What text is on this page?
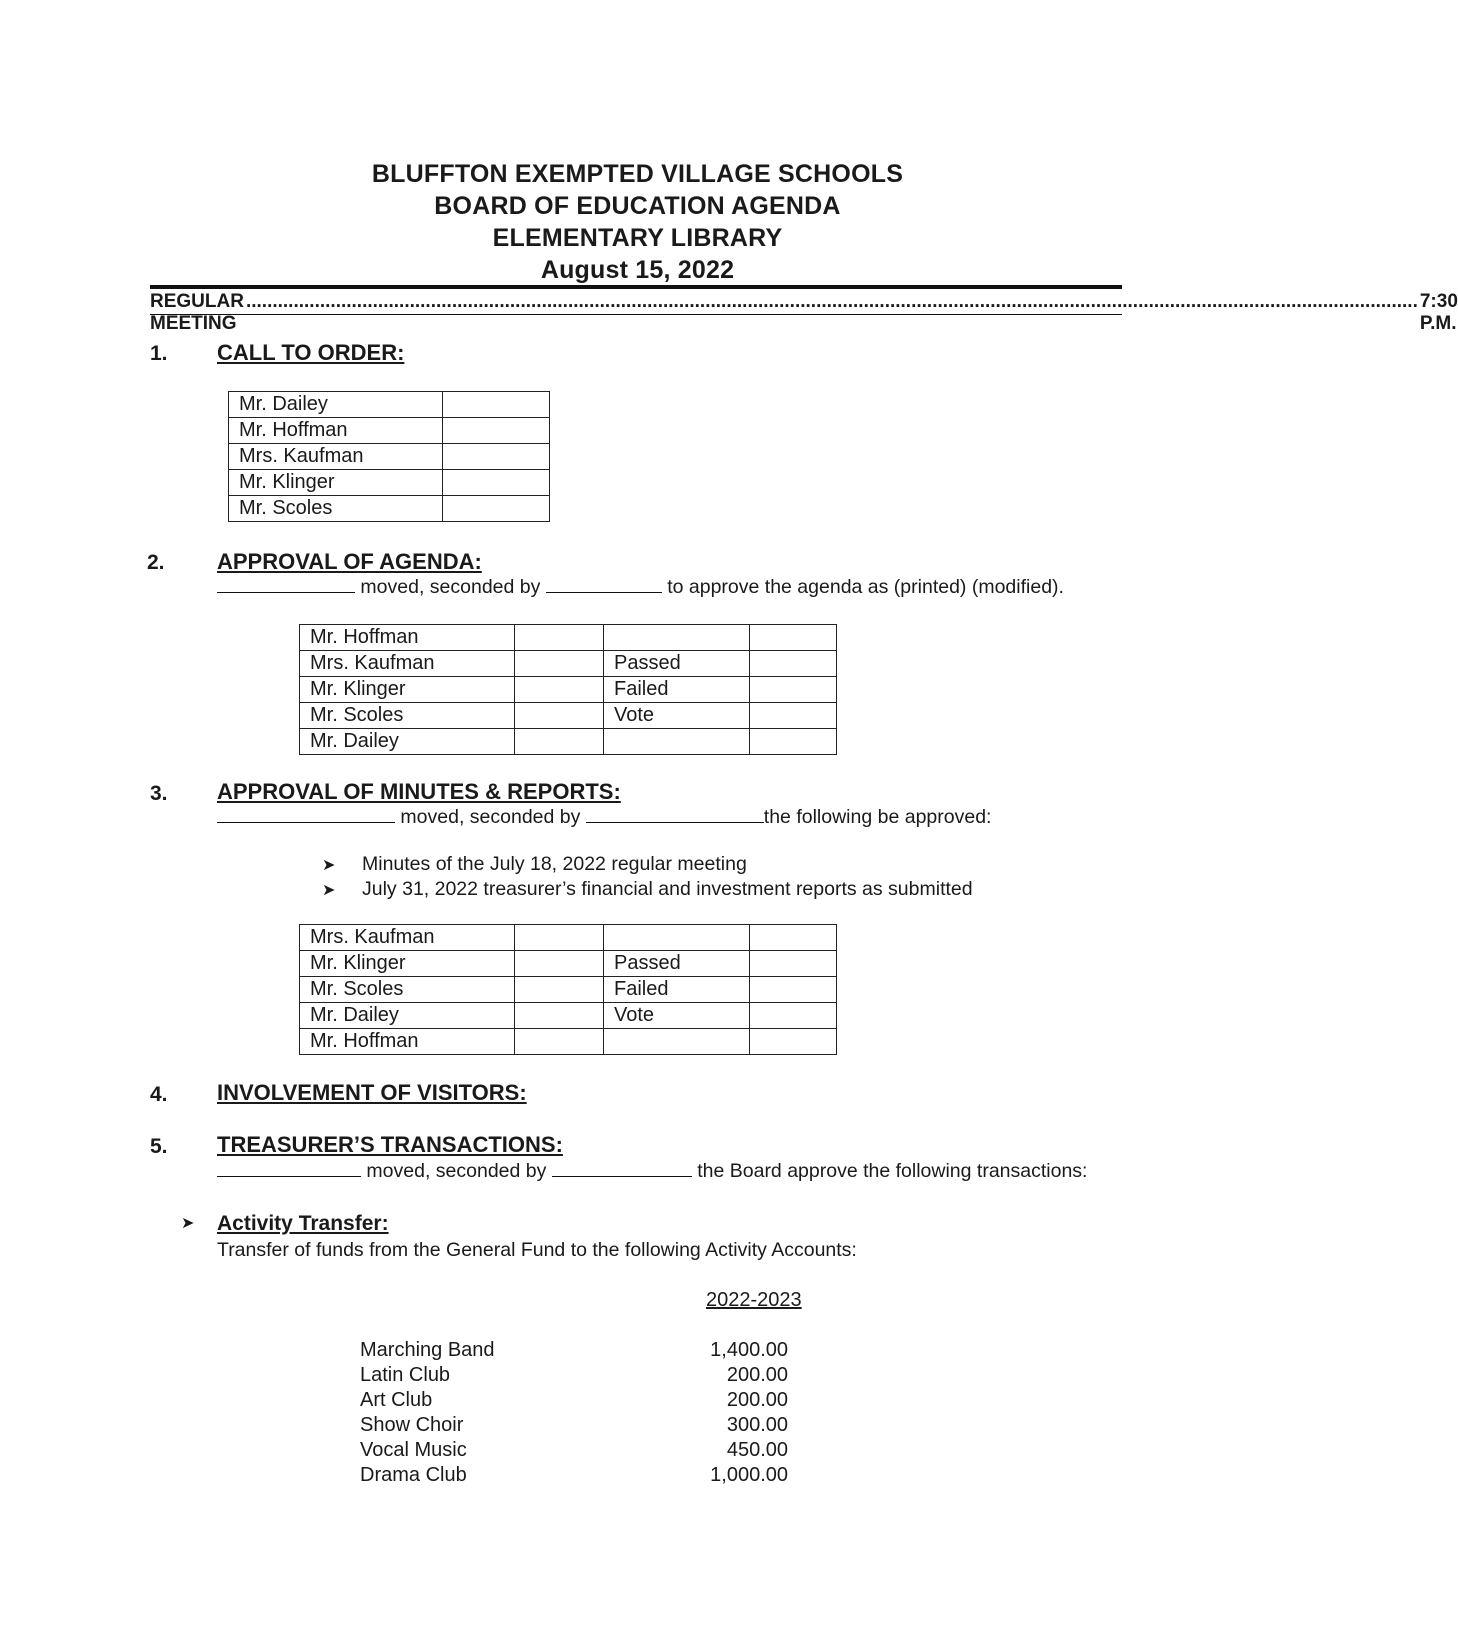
BLUFFTON EXEMPTED VILLAGE SCHOOLS
BOARD OF EDUCATION AGENDA
ELEMENTARY LIBRARY
August 15, 2022
REGULAR MEETING
.............................................................................................................................................................................................................................. 7:30 P.M.
1. CALL TO ORDER:
Mr. Dailey	
Mr. Hoffman	
Mrs. Kaufman	
Mr. Klinger	
Mr. Scoles	
2. APPROVAL OF AGENDA:
moved, seconded by	to approve the agenda as (printed) (modified).
Mr. Hoffman			
Mrs. Kaufman		Passed	
Mr. Klinger		Failed	
Mr. Scoles		Vote	
Mr. Dailey			
3. APPROVAL OF MINUTES & REPORTS:
moved, seconded by	the following be approved:
➤	Minutes of the July 18, 2022 regular meeting
➤	July 31, 2022 treasurer’s financial and investment reports as submitted
Mrs. Kaufman			
Mr. Klinger		Passed	
Mr. Scoles		Failed	
Mr. Dailey		Vote	
Mr. Hoffman			
4. INVOLVEMENT OF VISITORS:
5. TREASURER’S TRANSACTIONS:
moved, seconded by	the Board approve the following transactions:
➤ Activity Transfer:
Transfer of funds from the General Fund to the following Activity Accounts:
2022-2023
Marching Band	1,400.00
Latin Club	200.00
Art Club	200.00
Show Choir	300.00
Vocal Music	450.00
Drama Club	1,000.00
